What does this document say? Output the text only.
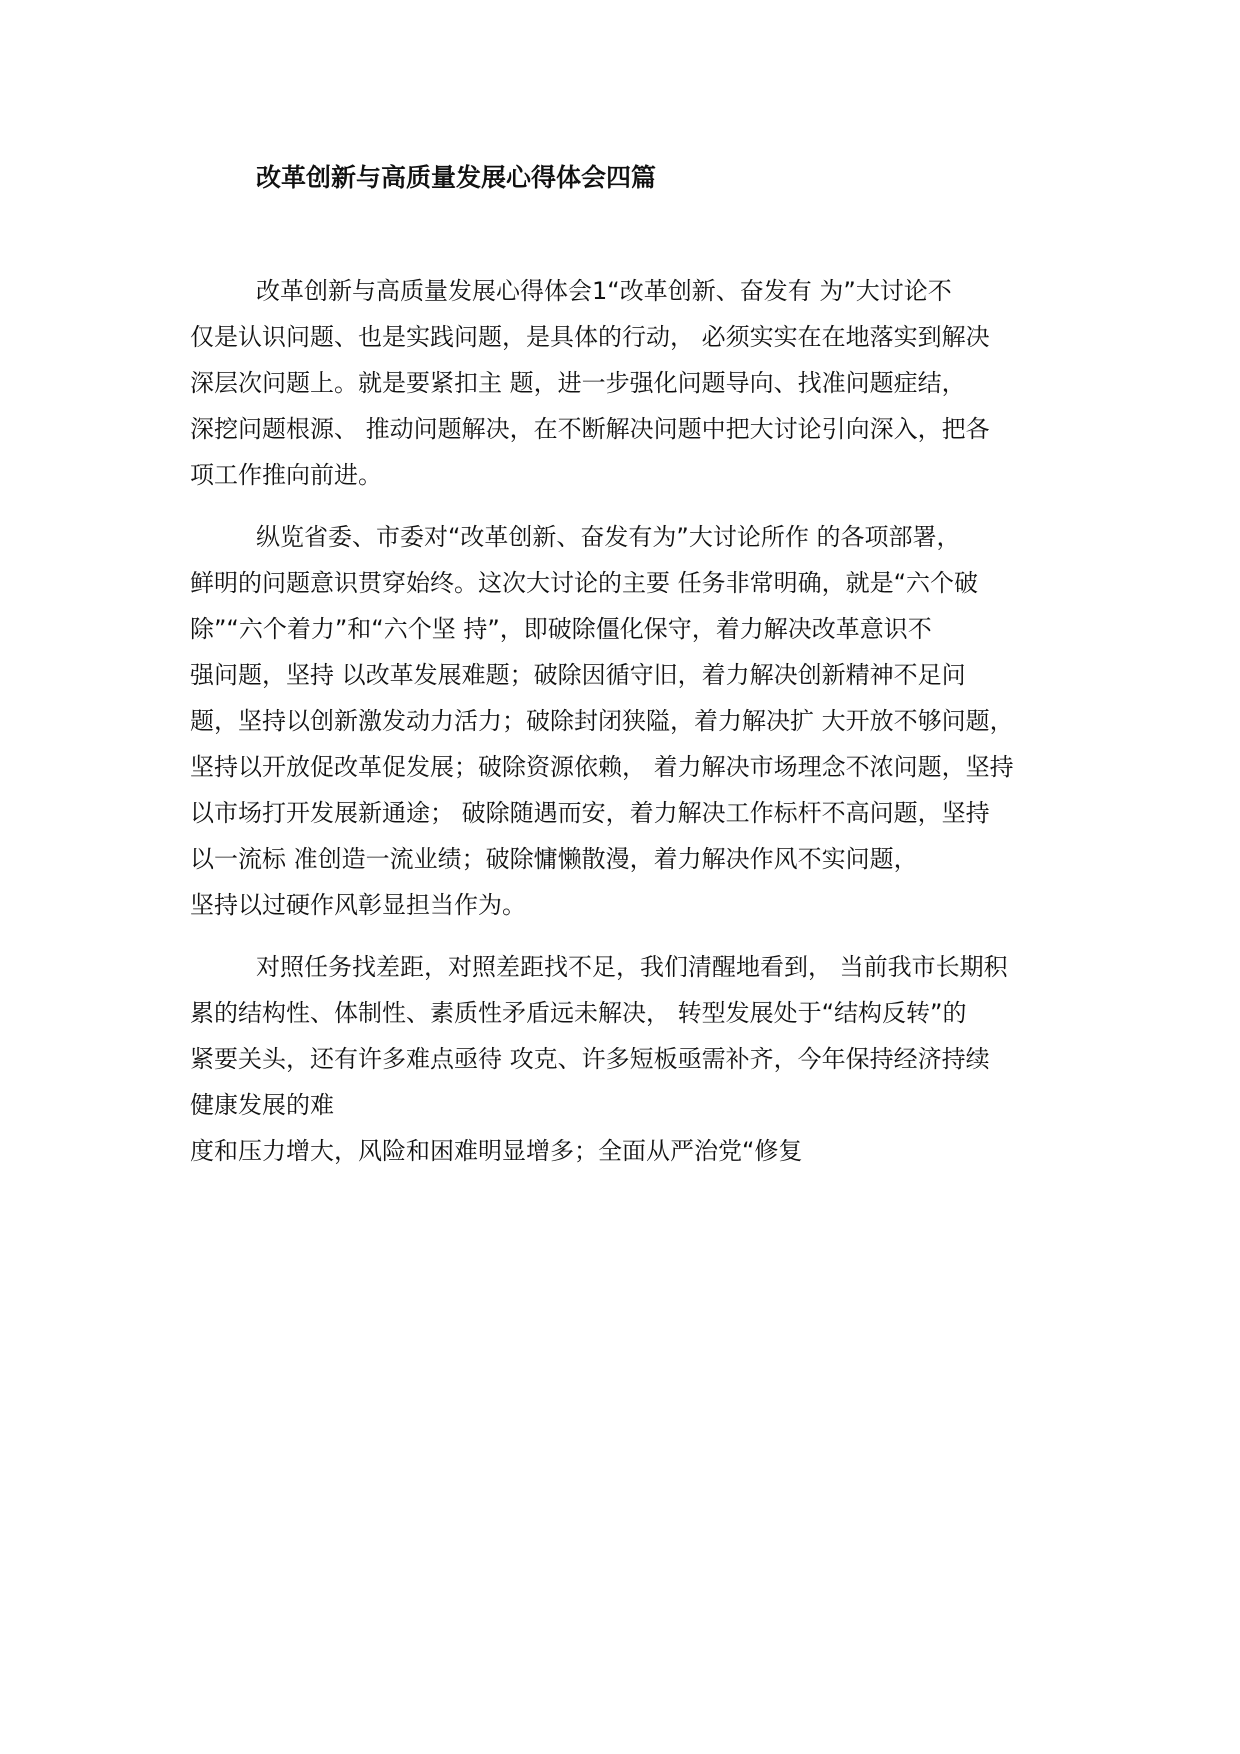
改革创新与高质量发展心得体会四篇
改革创新与高质量发展心得体会1“改革创新、奋发有 为”大讨论不
仅是认识问题、也是实践问题，是具体的行动， 必须实实在在地落实到解决
深层次问题上。就是要紧扣主 题，进一步强化问题导向、找准问题症结，
深挖问题根源、 推动问题解决，在不断解决问题中把大讨论引向深入，把各
项工作推向前进。
纵览省委、市委对“改革创新、奋发有为”大讨论所作 的各项部署，
鲜明的问题意识贯穿始终。这次大讨论的主要 任务非常明确，就是“六个破
除”“六个着力”和“六个坚 持”，即破除僵化保守，着力解决改革意识不
强问题，坚持 以改革发展难题；破除因循守旧，着力解决创新精神不足问
题，坚持以创新激发动力活力；破除封闭狭隘，着力解决扩 大开放不够问题，
坚持以开放促改革促发展；破除资源依赖， 着力解决市场理念不浓问题，坚持
以市场打开发展新通途； 破除随遇而安，着力解决工作标杆不高问题，坚持
以一流标 准创造一流业绩；破除慵懒散漫，着力解决作风不实问题，
坚持以过硬作风彰显担当作为。
对照任务找差距，对照差距找不足，我们清醒地看到， 当前我市长期积
累的结构性、体制性、素质性矛盾远未解决， 转型发展处于“结构反转”的
紧要关头，还有许多难点亟待 攻克、许多短板亟需补齐，今年保持经济持续
健康发展的难
度和压力增大，风险和困难明显增多；全面从严治党“修复
